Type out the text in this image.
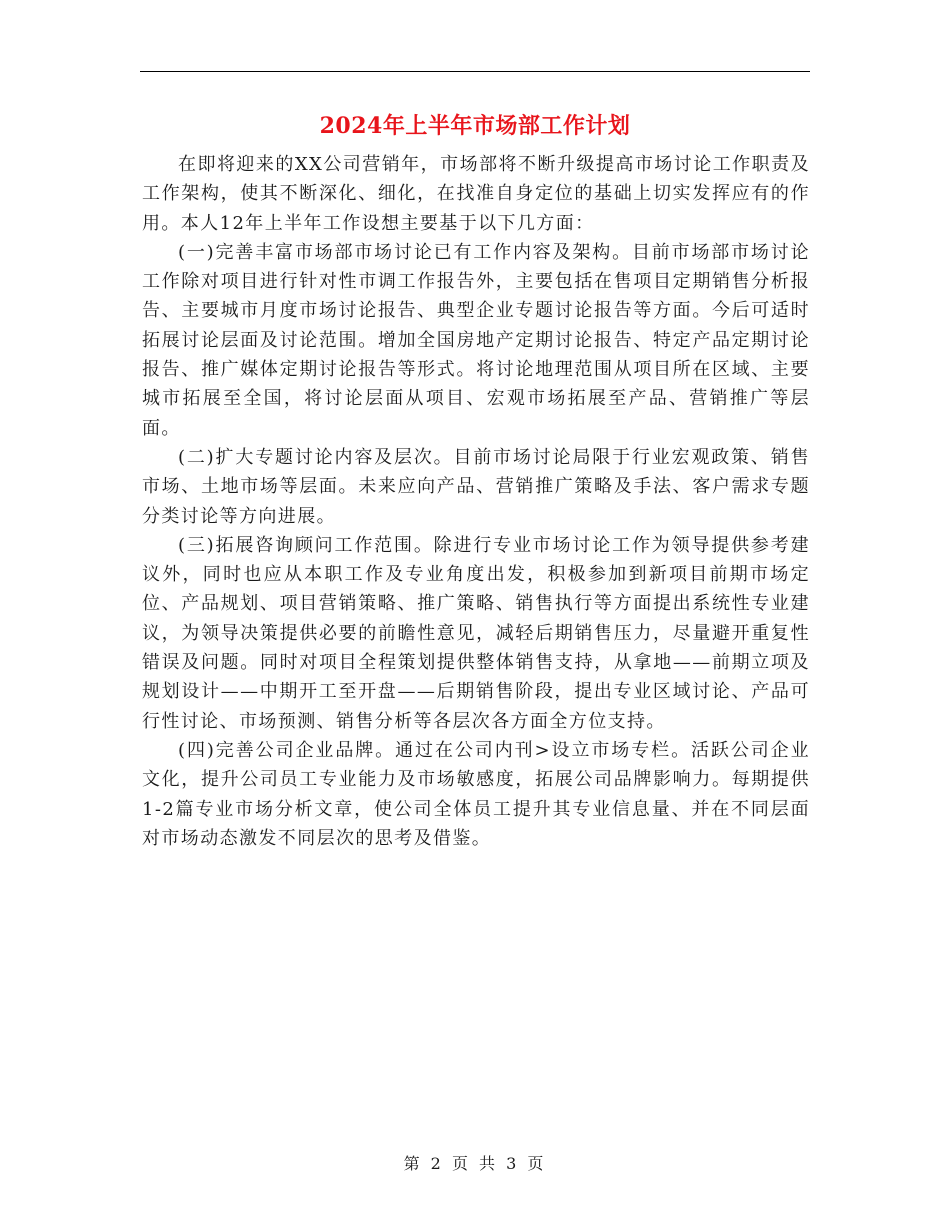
2024年上半年市场部工作计划

在即将迎来的XX公司营销年，市场部将不断升级提高市场讨论工作职责及工作架构，使其不断深化、细化，在找准自身定位的基础上切实发挥应有的作用。本人12年上半年工作设想主要基于以下几方面：

(一)完善丰富市场部市场讨论已有工作内容及架构。目前市场部市场讨论工作除对项目进行针对性市调工作报告外，主要包括在售项目定期销售分析报告、主要城市月度市场讨论报告、典型企业专题讨论报告等方面。今后可适时拓展讨论层面及讨论范围。增加全国房地产定期讨论报告、特定产品定期讨论报告、推广媒体定期讨论报告等形式。将讨论地理范围从项目所在区域、主要城市拓展至全国，将讨论层面从项目、宏观市场拓展至产品、营销推广等层面。

(二)扩大专题讨论内容及层次。目前市场讨论局限于行业宏观政策、销售市场、土地市场等层面。未来应向产品、营销推广策略及手法、客户需求专题分类讨论等方向进展。

(三)拓展咨询顾问工作范围。除进行专业市场讨论工作为领导提供参考建议外，同时也应从本职工作及专业角度出发，积极参加到新项目前期市场定位、产品规划、项目营销策略、推广策略、销售执行等方面提出系统性专业建议，为领导决策提供必要的前瞻性意见，减轻后期销售压力，尽量避开重复性错误及问题。同时对项目全程策划提供整体销售支持，从拿地——前期立项及规划设计——中期开工至开盘——后期销售阶段，提出专业区域讨论、产品可行性讨论、市场预测、销售分析等各层次各方面全方位支持。

(四)完善公司企业品牌。通过在公司内刊>设立市场专栏。活跃公司企业文化，提升公司员工专业能力及市场敏感度，拓展公司品牌影响力。每期提供1-2篇专业市场分析文章，使公司全体员工提升其专业信息量、并在不同层面对市场动态激发不同层次的思考及借鉴。

第 2 页 共 3 页
